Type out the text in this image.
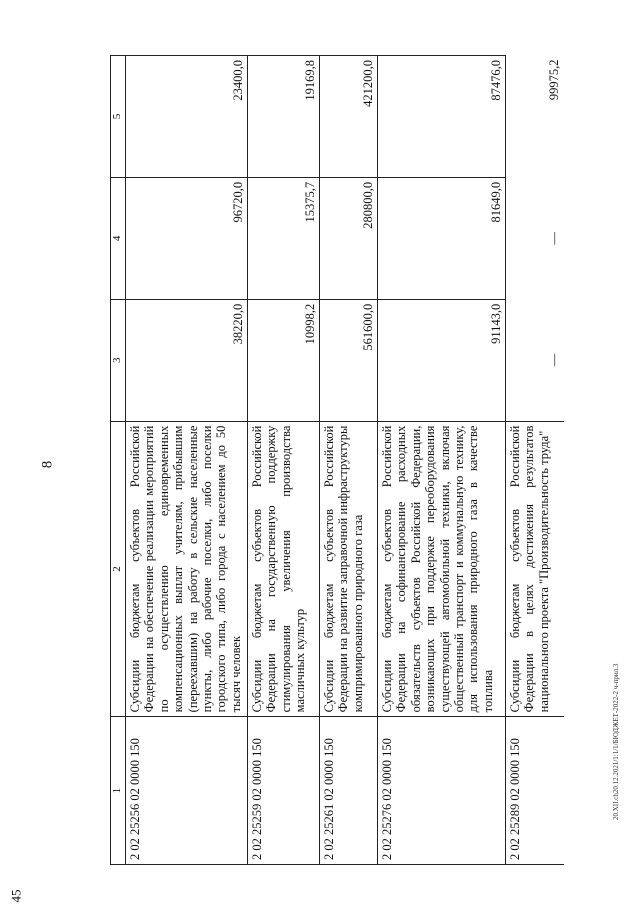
8
1	2	3	4	5
2 02 25256 02 0000 150	Субсидии бюджетам субъектов Российской Федерации на обеспечение реализации мероприятий по осуществлению единовременных компенсационных выплат учителям, прибывшим (переехавшим) на работу в сельские населенные пункты, либо рабочие поселки, либо поселки городского типа, либо города с населением до 50 тысяч человек	38220,0	96720,0	23400,0
2 02 25259 02 0000 150	Субсидии бюджетам субъектов Российской Федерации на государственную поддержку стимулирования увеличения производства масличных культур	10998,2	15375,7	19169,8
2 02 25261 02 0000 150	Субсидии бюджетам субъектов Российской Федерации на развитие заправочной инфраструктуры компримированного природного газа	561600,0	280800,0	421200,0
2 02 25276 02 0000 150	Субсидии бюджетам субъектов Российской Федерации на софинансирование расходных обязательств субъектов Российской Федерации, возникающих при поддержке переоборудования существующей автомобильной техники, включая общественный транспорт и коммунальную технику, для использования природного газа в качестве топлива	91143,0	81649,0	87476,0
2 02 25289 02 0000 150	Субсидии бюджетам субъектов Российской Федерации в целях достижения результатов национального проекта "Производительность труда"	—	—	99975,2
20.XII.ch20.12.2021/1:1/1/БЮДЖЕТ-2022-2 ч-прил.3
45
